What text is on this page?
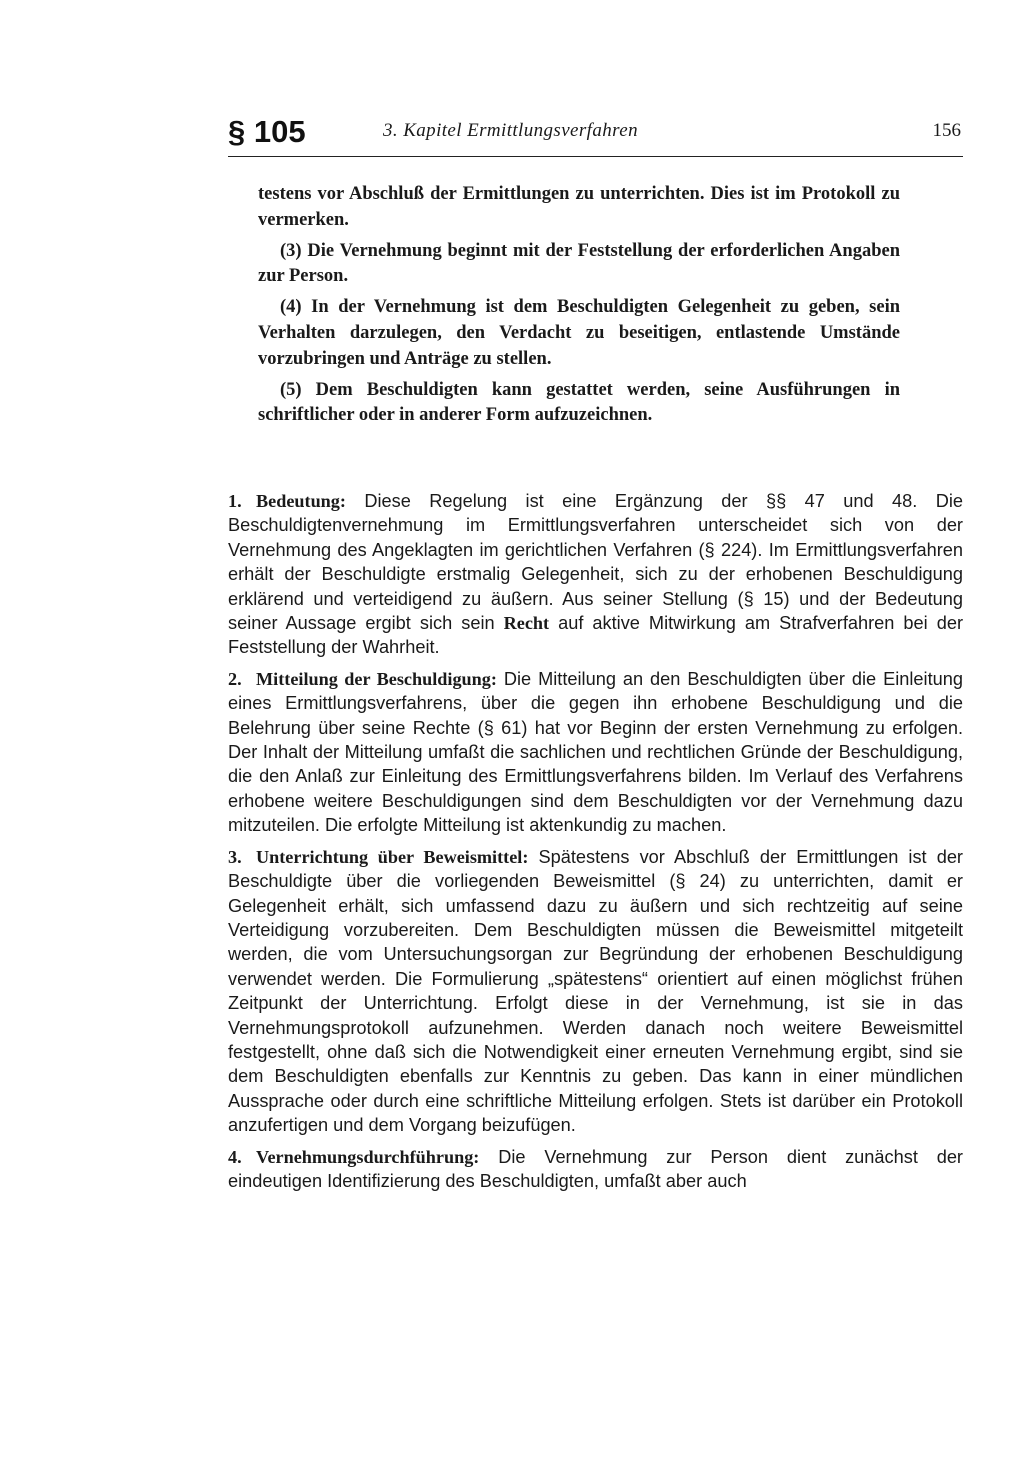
§ 105	3. Kapitel Ermittlungsverfahren	156

testens vor Abschluß der Ermittlungen zu unterrichten. Dies ist im Protokoll zu vermerken.

(3) Die Vernehmung beginnt mit der Feststellung der erforderlichen Angaben zur Person.

(4) In der Vernehmung ist dem Beschuldigten Gelegenheit zu geben, sein Verhalten darzulegen, den Verdacht zu beseitigen, entlastende Umstände vorzubringen und Anträge zu stellen.

(5) Dem Beschuldigten kann gestattet werden, seine Ausführungen in schriftlicher oder in anderer Form aufzuzeichnen.

1. Bedeutung: Diese Regelung ist eine Ergänzung der §§ 47 und 48. Die Beschuldigtenvernehmung im Ermittlungsverfahren unterscheidet sich von der Vernehmung des Angeklagten im gerichtlichen Verfahren (§ 224). Im Ermittlungsverfahren erhält der Beschuldigte erstmalig Gelegenheit, sich zu der erhobenen Beschuldigung erklärend und verteidigend zu äußern. Aus seiner Stellung (§ 15) und der Bedeutung seiner Aussage ergibt sich sein Recht auf aktive Mitwirkung am Strafverfahren bei der Feststellung der Wahrheit.

2. Mitteilung der Beschuldigung: Die Mitteilung an den Beschuldigten über die Einleitung eines Ermittlungsverfahrens, über die gegen ihn erhobene Beschuldigung und die Belehrung über seine Rechte (§ 61) hat vor Beginn der ersten Vernehmung zu erfolgen. Der Inhalt der Mitteilung umfaßt die sachlichen und rechtlichen Gründe der Beschuldigung, die den Anlaß zur Einleitung des Ermittlungsverfahrens bilden. Im Verlauf des Verfahrens erhobene weitere Beschuldigungen sind dem Beschuldigten vor der Vernehmung dazu mitzuteilen. Die erfolgte Mitteilung ist aktenkundig zu machen.

3. Unterrichtung über Beweismittel: Spätestens vor Abschluß der Ermittlungen ist der Beschuldigte über die vorliegenden Beweismittel (§ 24) zu unterrichten, damit er Gelegenheit erhält, sich umfassend dazu zu äußern und sich rechtzeitig auf seine Verteidigung vorzubereiten. Dem Beschuldigten müssen die Beweismittel mitgeteilt werden, die vom Untersuchungsorgan zur Begründung der erhobenen Beschuldigung verwendet werden. Die Formulierung „spätestens“ orientiert auf einen möglichst frühen Zeitpunkt der Unterrichtung. Erfolgt diese in der Vernehmung, ist sie in das Vernehmungsprotokoll aufzunehmen. Werden danach noch weitere Beweismittel festgestellt, ohne daß sich die Notwendigkeit einer erneuten Vernehmung ergibt, sind sie dem Beschuldigten ebenfalls zur Kenntnis zu geben. Das kann in einer mündlichen Aussprache oder durch eine schriftliche Mitteilung erfolgen. Stets ist darüber ein Protokoll anzufertigen und dem Vorgang beizufügen.

4. Vernehmungsdurchführung: Die Vernehmung zur Person dient zunächst der eindeutigen Identifizierung des Beschuldigten, umfaßt aber auch
